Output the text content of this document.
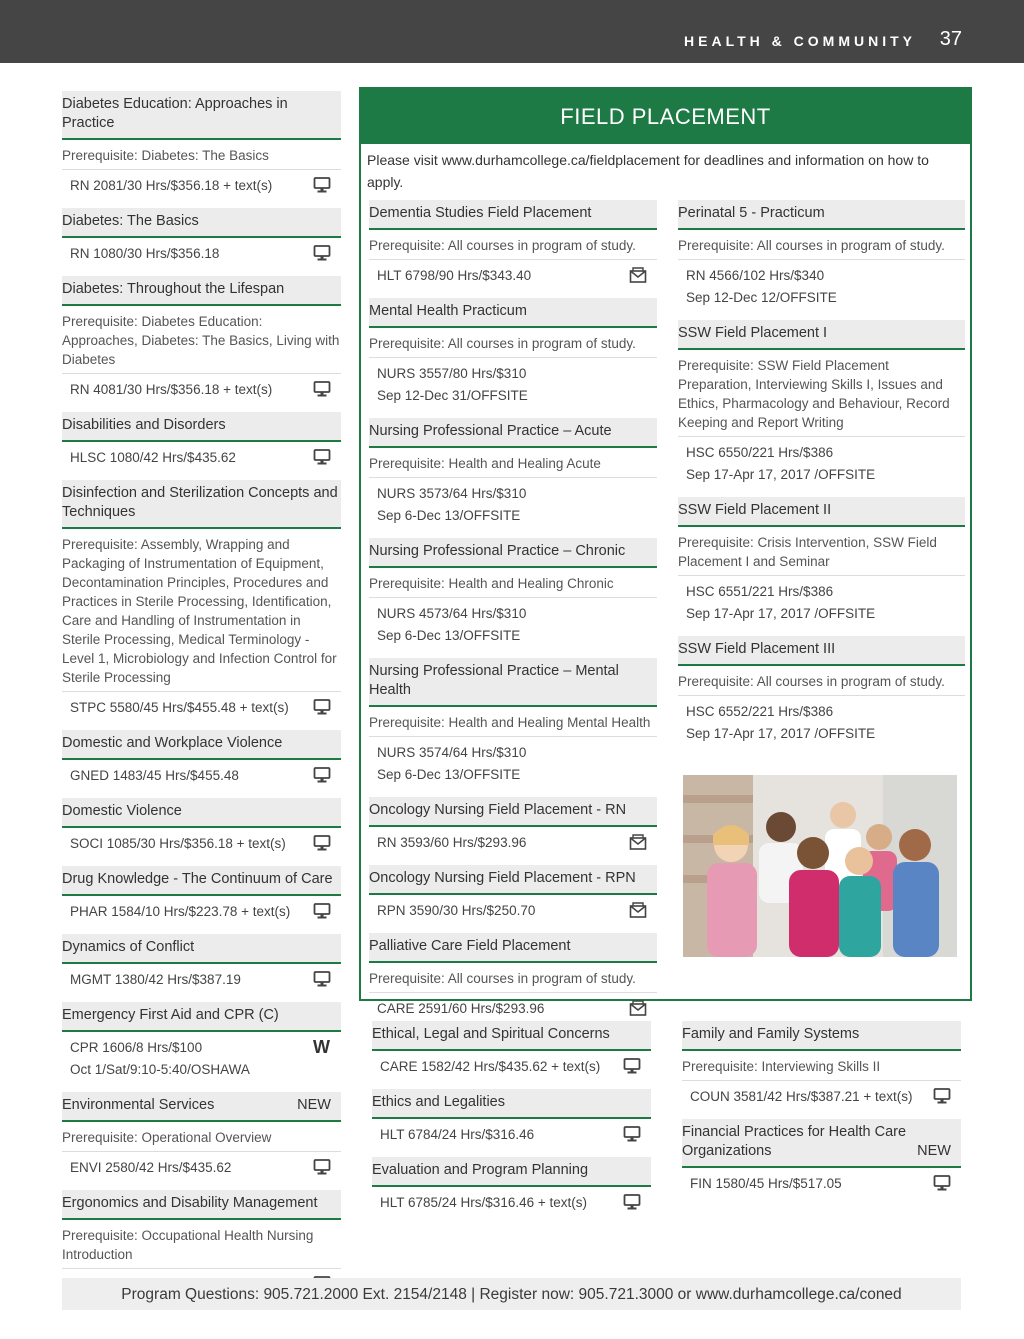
HEALTH & COMMUNITY 37
Diabetes Education: Approaches in Practice
Prerequisite: Diabetes: The Basics
RN 2081/30 Hrs/$356.18 + text(s)
Diabetes: The Basics
RN 1080/30 Hrs/$356.18
Diabetes: Throughout the Lifespan
Prerequisite: Diabetes Education: Approaches, Diabetes: The Basics, Living with Diabetes
RN 4081/30 Hrs/$356.18 + text(s)
Disabilities and Disorders
HLSC 1080/42 Hrs/$435.62
Disinfection and Sterilization Concepts and Techniques
Prerequisite: Assembly, Wrapping and Packaging of Instrumentation of Equipment, Decontamination Principles, Procedures and Practices in Sterile Processing, Identification, Care and Handling of Instrumentation in Sterile Processing, Medical Terminology - Level 1, Microbiology and Infection Control for Sterile Processing
STPC 5580/45 Hrs/$455.48 + text(s)
Domestic and Workplace Violence
GNED 1483/45 Hrs/$455.48
Domestic Violence
SOCI 1085/30 Hrs/$356.18 + text(s)
Drug Knowledge - The Continuum of Care
PHAR 1584/10 Hrs/$223.78 + text(s)
Dynamics of Conflict
MGMT 1380/42 Hrs/$387.19
Emergency First Aid and CPR (C)
CPR 1606/8 Hrs/$100
Oct 1/Sat/9:10-5:40/OSHAWA
W
Environmental Services	NEW
Prerequisite: Operational Overview
ENVI 2580/42 Hrs/$435.62
Ergonomics and Disability Management
Prerequisite: Occupational Health Nursing Introduction
FIELD PLACEMENT
Please visit www.durhamcollege.ca/fieldplacement for deadlines and information on how to apply.
Dementia Studies Field Placement
Prerequisite: All courses in program of study.
HLT 6798/90 Hrs/$343.40
Mental Health Practicum
Prerequisite: All courses in program of study.
NURS 3557/80 Hrs/$310
Sep 12-Dec 31/OFFSITE
Nursing Professional Practice – Acute
Prerequisite: Health and Healing Acute
NURS 3573/64 Hrs/$310
Sep 6-Dec 13/OFFSITE
Nursing Professional Practice – Chronic
Prerequisite: Health and Healing Chronic
NURS 4573/64 Hrs/$310
Sep 6-Dec 13/OFFSITE
Nursing Professional Practice – Mental Health
Prerequisite: Health and Healing Mental Health
NURS 3574/64 Hrs/$310
Sep 6-Dec 13/OFFSITE
Oncology Nursing Field Placement - RN
RN 3593/60 Hrs/$293.96
Oncology Nursing Field Placement - RPN
RPN 3590/30 Hrs/$250.70
Palliative Care Field Placement
Prerequisite: All courses in program of study.
CARE 2591/60 Hrs/$293.96
Perinatal 5 - Practicum
Prerequisite: All courses in program of study.
RN 4566/102 Hrs/$340
Sep 12-Dec 12/OFFSITE
SSW Field Placement I
Prerequisite: SSW Field Placement Preparation, Interviewing Skills I, Issues and Ethics, Pharmacology and Behaviour, Record Keeping and Report Writing
HSC 6550/221 Hrs/$386
Sep 17-Apr 17, 2017 /OFFSITE
SSW Field Placement II
Prerequisite: Crisis Intervention, SSW Field Placement I and Seminar
HSC 6551/221 Hrs/$386
Sep 17-Apr 17, 2017 /OFFSITE
SSW Field Placement III
Prerequisite: All courses in program of study.
HSC 6552/221 Hrs/$386
Sep 17-Apr 17, 2017 /OFFSITE
Ethical, Legal and Spiritual Concerns
CARE 1582/42 Hrs/$435.62 + text(s)
Ethics and Legalities
HLT 6784/24 Hrs/$316.46
Evaluation and Program Planning
HLT 6785/24 Hrs/$316.46 + text(s)
Family and Family Systems
Prerequisite: Interviewing Skills II
COUN 3581/42 Hrs/$387.21 + text(s)
Financial Practices for Health Care Organizations	NEW
FIN 1580/45 Hrs/$517.05
Program Questions: 905.721.2000 Ext. 2154/2148 | Register now: 905.721.3000 or www.durhamcollege.ca/coned
